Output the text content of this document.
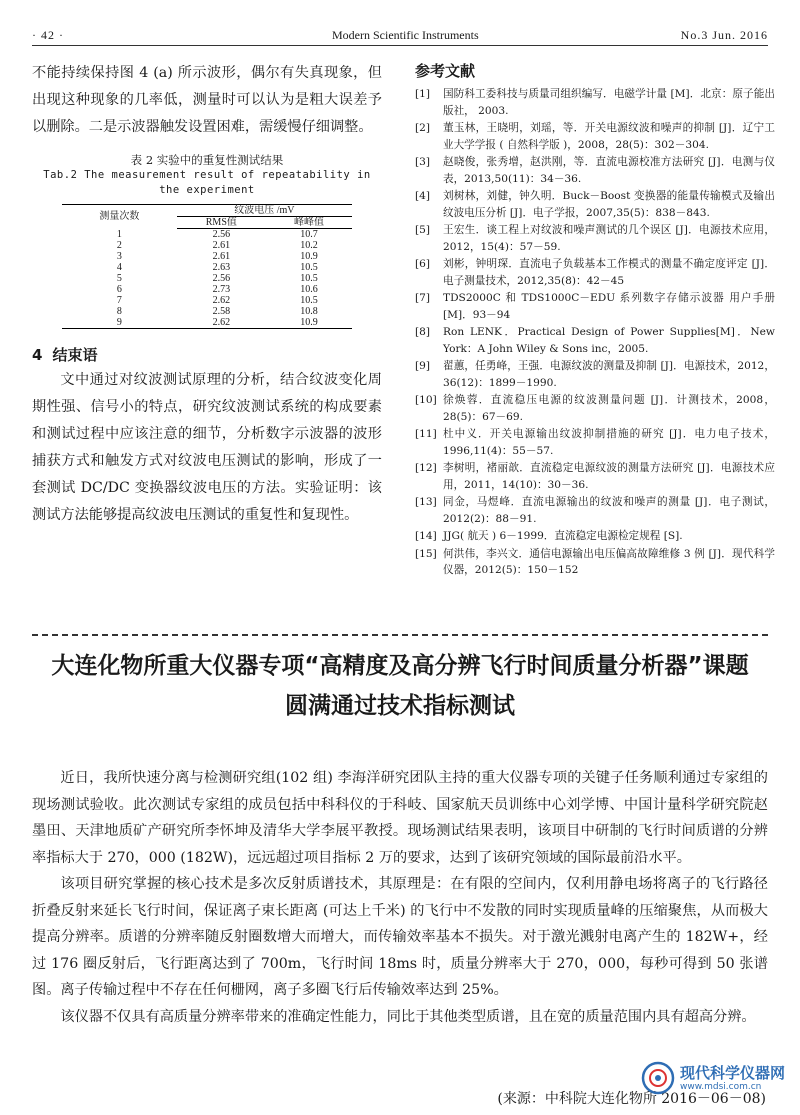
· 42 ·	Modern Scientific Instruments	No.3 Jun. 2016

不能持续保持图 4 (a) 所示波形，偶尔有失真现象，但出现这种现象的几率低，测量时可以认为是粗大误差予以删除。二是示波器触发设置困难，需缓慢仔细调整。

表 2 实验中的重复性测试结果
Tab.2 The measurement result of repeatability in the experiment
测量次数	纹波电压 /mV	
	RMS值	峰峰值
1	2.56	10.7
2	2.61	10.2
3	2.61	10.9
4	2.63	10.5
5	2.56	10.5
6	2.73	10.6
7	2.62	10.5
8	2.58	10.8
9	2.62	10.9
4 结束语

文中通过对纹波测试原理的分析，结合纹波变化周期性强、信号小的特点，研究纹波测试系统的构成要素和测试过程中应该注意的细节，分析数字示波器的波形捕获方式和触发方式对纹波电压测试的影响，形成了一套测试 DC/DC 变换器纹波电压的方法。实验证明：该测试方法能够提高纹波电压测试的重复性和复现性。

参考文献
[1] 国防科工委科技与质量司组织编写．电磁学计量 [M]．北京：原子能出版社， 2003.
[2] 董玉林，王晓明，刘瑶，等．开关电源纹波和噪声的抑制 [J]．辽宁工业大学学报 ( 自然科学版 )，2008，28(5)：302－304.
[3] 赵晓俊，张秀增，赵洪刚，等．直流电源校准方法研究 [J]．电测与仪表，2013,50(11)：34－36.
[4] 刘树林，刘健，钟久明．Buck－Boost 变换器的能量传输模式及输出纹波电压分析 [J]．电子学报，2007,35(5)：838－843.
[5] 王宏生．谈工程上对纹波和噪声测试的几个误区 [J]．电源技术应用，2012，15(4)：57－59.
[6] 刘彬，钟明琛．直流电子负载基本工作模式的测量不确定度评定 [J]．电子测量技术，2012,35(8)：42－45
[7] TDS2000C 和 TDS1000C－EDU 系列数字存储示波器 用户手册 [M]．93－94
[8] Ron LENK．Practical Design of Power Supplies[M]．New York：A John Wiley & Sons inc，2005.
[9] 翟蕙，任勇峰，王强．电源纹波的测量及抑制 [J]．电源技术，2012，36(12)：1899－1990.
[10] 徐焕蓉．直流稳压电源的纹波测量问题 [J]．计测技术，2008，28(5)：67－69.
[11] 杜中义．开关电源输出纹波抑制措施的研究 [J]．电力电子技术，1996,11(4)：55－57.
[12] 李树明，褚丽歆．直流稳定电源纹波的测量方法研究 [J]．电源技术应用，2011，14(10)：30－36.
[13] 同金，马煜峰．直流电源输出的纹波和噪声的测量 [J]．电子测试，2012(2)：88－91.
[14] JJG( 航天 ) 6－1999．直流稳定电源检定规程 [S].
[15] 何洪伟，李兴文．通信电源输出电压偏高故障维修 3 例 [J]．现代科学仪器，2012(5)：150－152
大连化物所重大仪器专项“高精度及高分辨飞行时间质量分析器”课题圆满通过技术指标测试

近日，我所快速分离与检测研究组(102 组) 李海洋研究团队主持的重大仪器专项的关键子任务顺利通过专家组的现场测试验收。此次测试专家组的成员包括中科科仪的于科岐、国家航天员训练中心刘学博、中国计量科学研究院赵墨田、天津地质矿产研究所李怀坤及清华大学李展平教授。现场测试结果表明，该项目中研制的飞行时间质谱的分辨率指标大于 270，000 (182W)，远远超过项目指标 2 万的要求，达到了该研究领域的国际最前沿水平。

该项目研究掌握的核心技术是多次反射质谱技术，其原理是：在有限的空间内，仅利用静电场将离子的飞行路径折叠反射来延长飞行时间，保证离子束长距离 (可达上千米) 的飞行中不发散的同时实现质量峰的压缩聚焦，从而极大提高分辨率。质谱的分辨率随反射圈数增大而增大，而传输效率基本不损失。对于激光溅射电离产生的 182W+，经过 176 圈反射后，飞行距离达到了 700m，飞行时间 18ms 时，质量分辨率大于 270，000，每秒可得到 50 张谱图。离子传输过程中不存在任何栅网，离子多圈飞行后传输效率达到 25%。

该仪器不仅具有高质量分辨率带来的准确定性能力，同比于其他类型质谱，且在宽的质量范围内具有超高分辨。

(来源：中科院大连化物所 2016－06－08)
现代科学仪器网
www.mdsi.com.cn
